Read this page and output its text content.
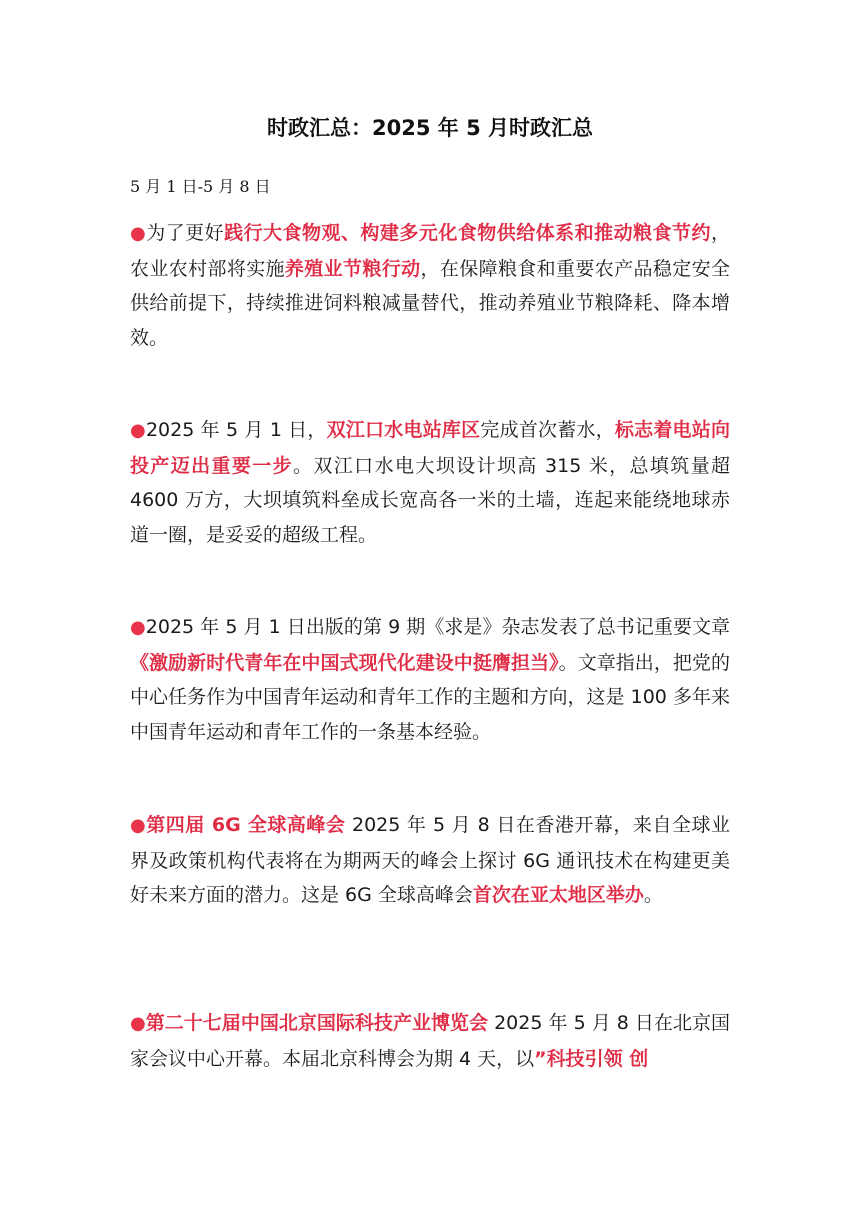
时政汇总：2025 年 5 月时政汇总
5 月 1 日-5 月 8 日

●为了更好践行大食物观、构建多元化食物供给体系和推动粮食节约，农业农村部将实施养殖业节粮行动，在保障粮食和重要农产品稳定安全供给前提下，持续推进饲料粮减量替代，推动养殖业节粮降耗、降本增效。

●2025 年 5 月 1 日，双江口水电站库区完成首次蓄水，标志着电站向投产迈出重要一步。双江口水电大坝设计坝高 315 米，总填筑量超 4600 万方，大坝填筑料垒成长宽高各一米的土墙，连起来能绕地球赤道一圈，是妥妥的超级工程。

●2025 年 5 月 1 日出版的第 9 期《求是》杂志发表了总书记重要文章《激励新时代青年在中国式现代化建设中挺膺担当》。文章指出，把党的中心任务作为中国青年运动和青年工作的主题和方向，这是 100 多年来中国青年运动和青年工作的一条基本经验。

●第四届 6G 全球高峰会 2025 年 5 月 8 日在香港开幕，来自全球业界及政策机构代表将在为期两天的峰会上探讨 6G 通讯技术在构建更美好未来方面的潜力。这是 6G 全球高峰会首次在亚太地区举办。

●第二十七届中国北京国际科技产业博览会 2025 年 5 月 8 日在北京国家会议中心开幕。本届北京科博会为期 4 天，以”科技引领 创
